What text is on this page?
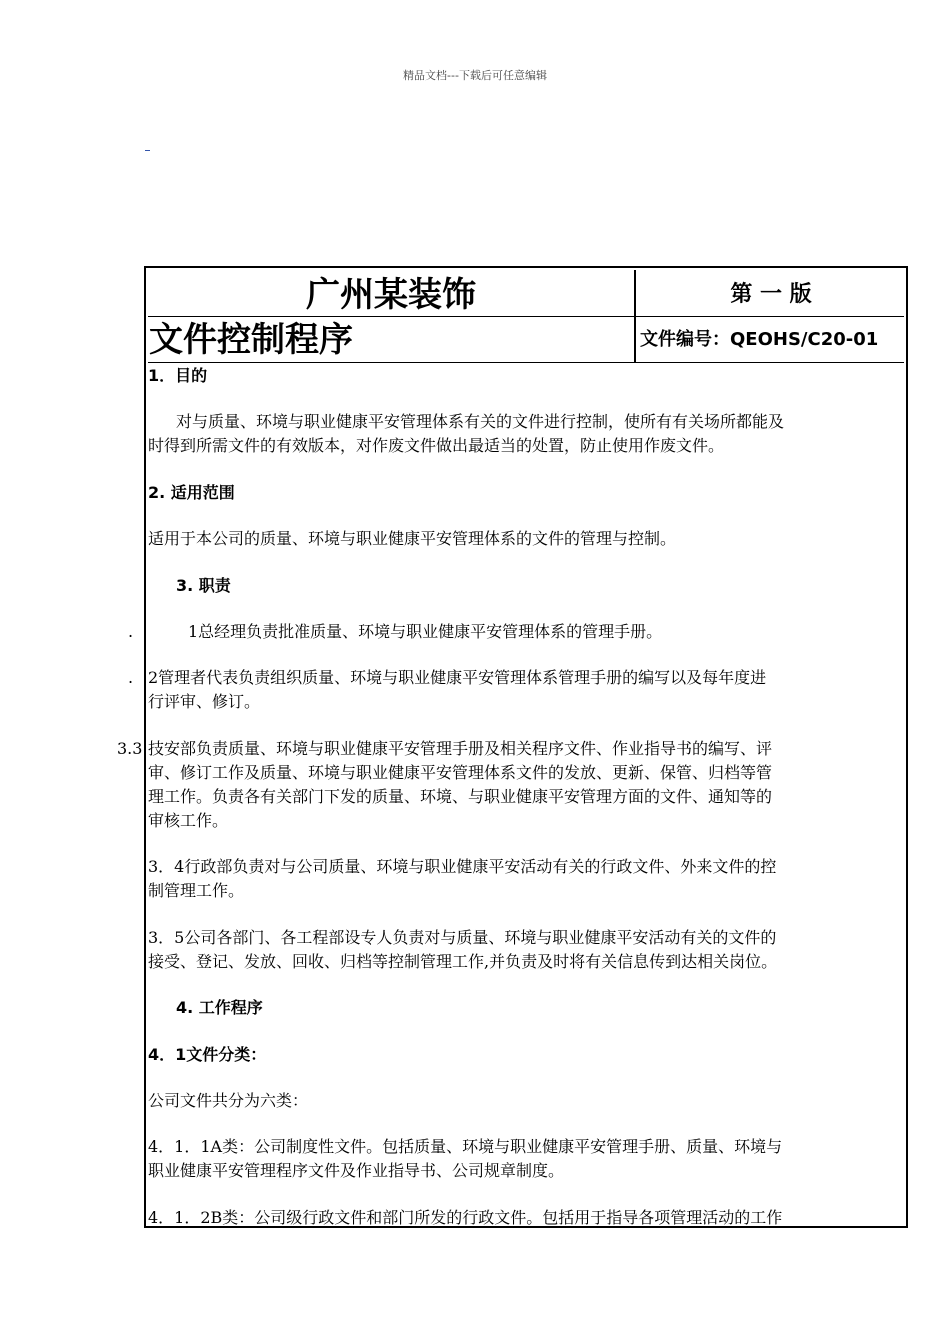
精品文档---下载后可任意编辑
广州某装饰	第 一 版
文件控制程序	文件编号：QEOHS/C20-01
1．目的
对与质量、环境与职业健康平安管理体系有关的文件进行控制，使所有有关场所都能及
时得到所需文件的有效版本，对作废文件做出最适当的处置，防止使用作废文件。
2. 适用范围
适用于本公司的质量、环境与职业健康平安管理体系的文件的管理与控制。
3. 职责
.	1总经理负责批准质量、环境与职业健康平安管理体系的管理手册。
. 2管理者代表负责组织质量、环境与职业健康平安管理体系管理手册的编写以及每年度进
行评审、修订。
3.3 技安部负责质量、环境与职业健康平安管理手册及相关程序文件、作业指导书的编写、评
审、修订工作及质量、环境与职业健康平安管理体系文件的发放、更新、保管、归档等管
理工作。负责各有关部门下发的质量、环境、与职业健康平安管理方面的文件、通知等的
审核工作。
3．4行政部负责对与公司质量、环境与职业健康平安活动有关的行政文件、外来文件的控
制管理工作。
3．5公司各部门、各工程部设专人负责对与质量、环境与职业健康平安活动有关的文件的
接受、登记、发放、回收、归档等控制管理工作,并负责及时将有关信息传到达相关岗位。
4. 工作程序
4．1文件分类：
公司文件共分为六类：
4．1．1A类：公司制度性文件。包括质量、环境与职业健康平安管理手册、质量、环境与
职业健康平安管理程序文件及作业指导书、公司规章制度。
4．1．2B类：公司级行政文件和部门所发的行政文件。包括用于指导各项管理活动的工作
